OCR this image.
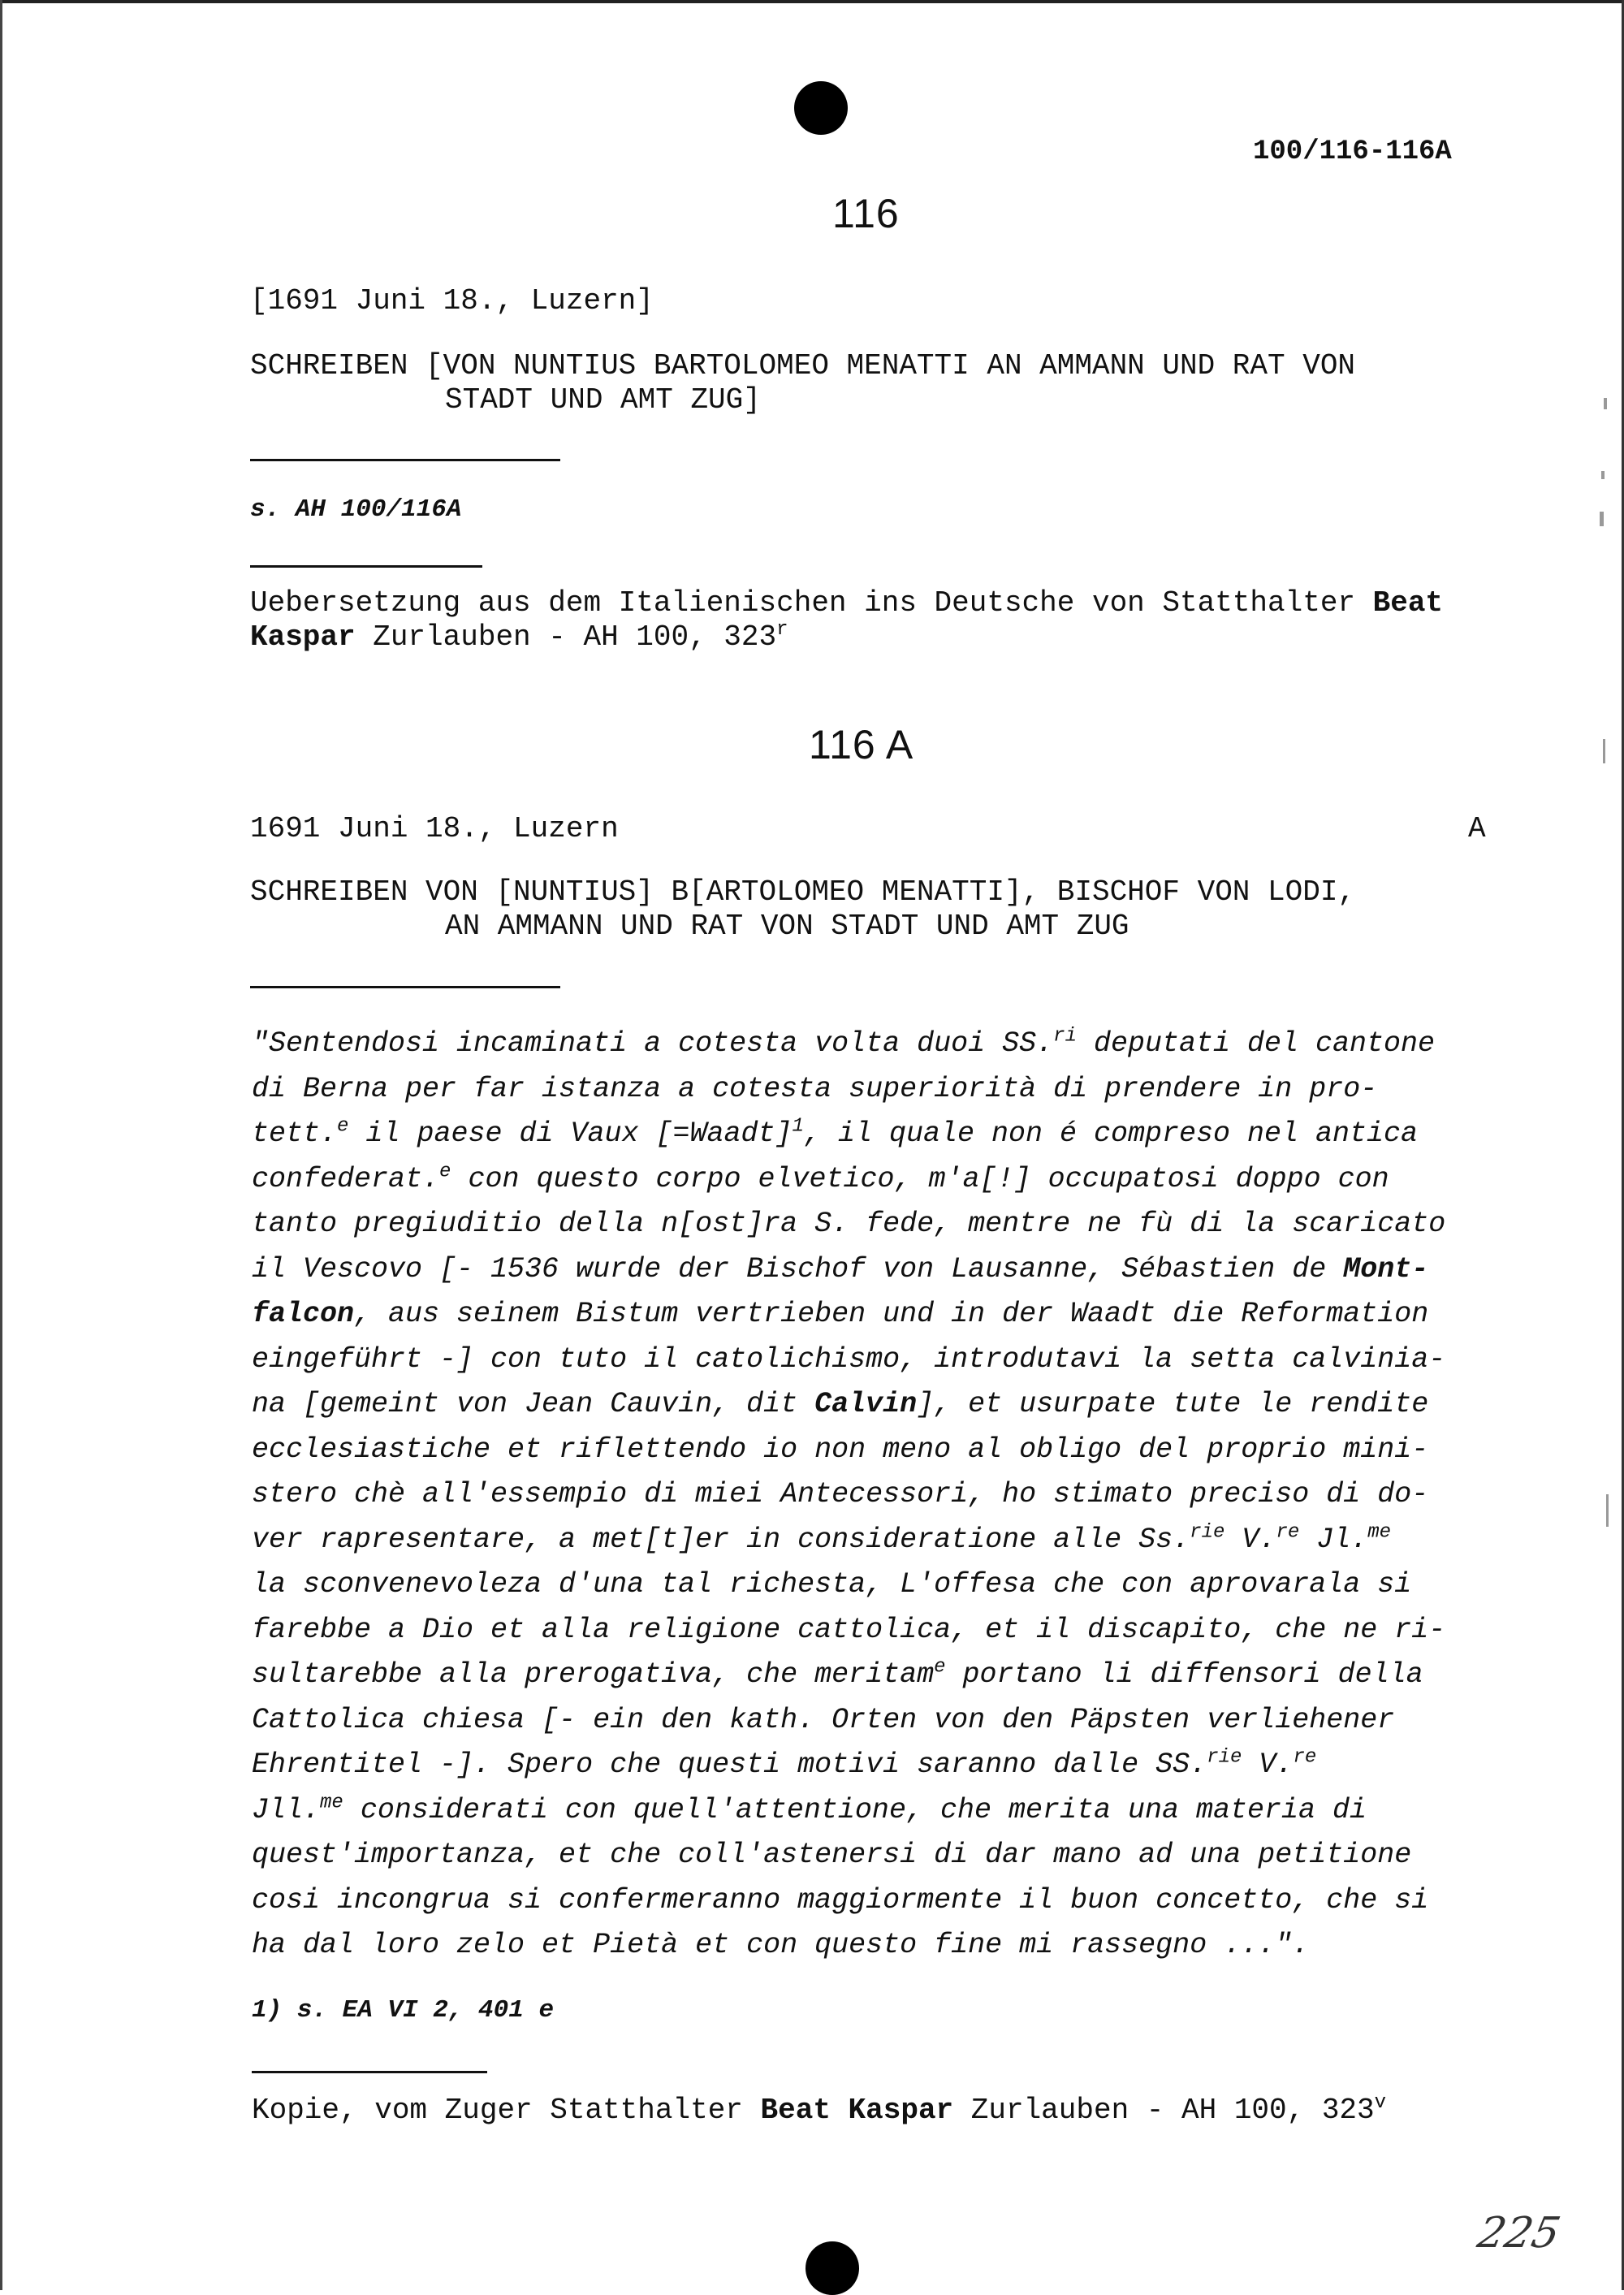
100/116-116A
116
[1691 Juni 18., Luzern]
SCHREIBEN [VON NUNTIUS BARTOLOMEO MENATTI AN AMMANN UND RAT VON
STADT UND AMT ZUG]
s. AH 100/116A
Uebersetzung aus dem Italienischen ins Deutsche von Statthalter Beat
Kaspar Zurlauben - AH 100, 323$^r$
116 A
1691 Juni 18., Luzern	A
SCHREIBEN VON [NUNTIUS] B[ARTOLOMEO MENATTI], BISCHOF VON LODI,
AN AMMANN UND RAT VON STADT UND AMT ZUG

"Sentendosi incaminati a cotesta volta duoi SS.$^{ri}$ deputati del cantone

di Berna per far istanza a cotesta superiorità di prendere in pro-

tett.$^e$ il paese di Vaux [=Waadt]$^1$, il quale non é compreso nel antica

confederat.$^e$ con questo corpo elvetico, m'a[!] occupatosi doppo con

tanto pregiuditio della n[ost]ra S. fede, mentre ne fù di la scaricato

il Vescovo [- 1536 wurde der Bischof von Lausanne, Sébastien de Mont-

falcon, aus seinem Bistum vertrieben und in der Waadt die Reformation

eingeführt -] con tuto il catolichismo, introdutavi la setta calvinia-

na [gemeint von Jean Cauvin, dit Calvin], et usurpate tute le rendite

ecclesiastiche et riflettendo io non meno al obligo del proprio mini-

stero chè all'essempio di miei Antecessori, ho stimato preciso di do-

ver rapresentare, a met[t]er in consideratione alle Ss.$^{rie}$ V.$^{re}$ Jl.$^{me}$

la sconvenevoleza d'una tal richesta, L'offesa che con aprovarala si

farebbe a Dio et alla religione cattolica, et il discapito, che ne ri-

sultarebbe alla prerogativa, che meritam$^e$ portano li diffensori della

Cattolica chiesa [- ein den kath. Orten von den Päpsten verliehener

Ehrentitel -]. Spero che questi motivi saranno dalle SS.$^{rie}$ V.$^{re}$

Jll.$^{me}$ considerati con quell'attentione, che merita una materia di

quest'importanza, et che coll'astenersi di dar mano ad una petitione

cosi incongrua si confermeranno maggiormente il buon concetto, che si

ha dal loro zelo et Pietà et con questo fine mi rassegno ...".

1) s. EA VI 2, 401 e
Kopie, vom Zuger Statthalter Beat Kaspar Zurlauben - AH 100, 323$^v$
225
